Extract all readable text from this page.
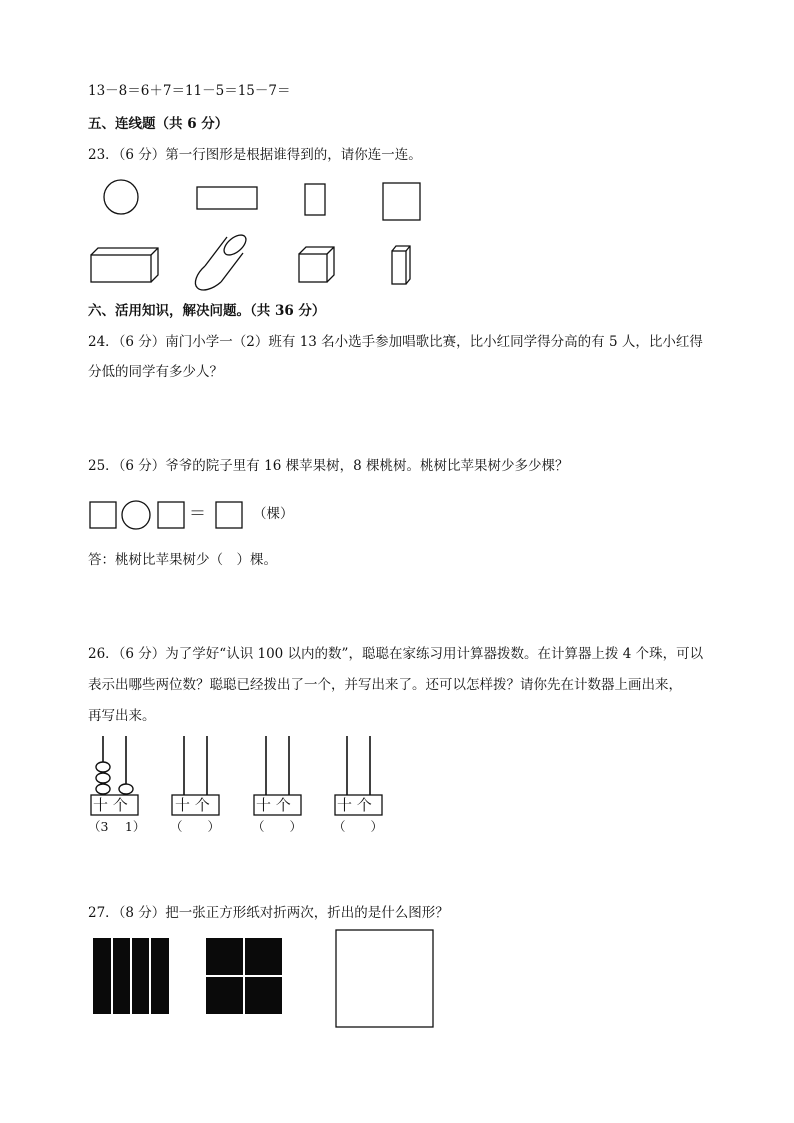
13－8＝6＋7＝11－5＝15－7＝
五、连线题（共 6 分）
23．（6 分）第一行图形是根据谁得到的，请你连一连。
六、活用知识，解决问题。（共 36 分）
24．（6 分）南门小学一（2）班有 13 名小选手参加唱歌比赛，比小红同学得分高的有 5 人，比小红得
分低的同学有多少人？
25．（6 分）爷爷的院子里有 16 棵苹果树，8 棵桃树。桃树比苹果树少多少棵？
＝	（棵）
答：桃树比苹果树少（　）棵。
26．（6 分）为了学好“认识 100 以内的数”，聪聪在家练习用计算器拨数。在计算器上拨 4 个珠，可以
表示出哪些两位数？聪聪已经拨出了一个，并写出来了。还可以怎样拨？请你先在计数器上画出来，
再写出来。
十 个	十 个	十 个	十 个
（3　 1） （　　）	（　　） （　　）
27．（8 分）把一张正方形纸对折两次，折出的是什么图形？
